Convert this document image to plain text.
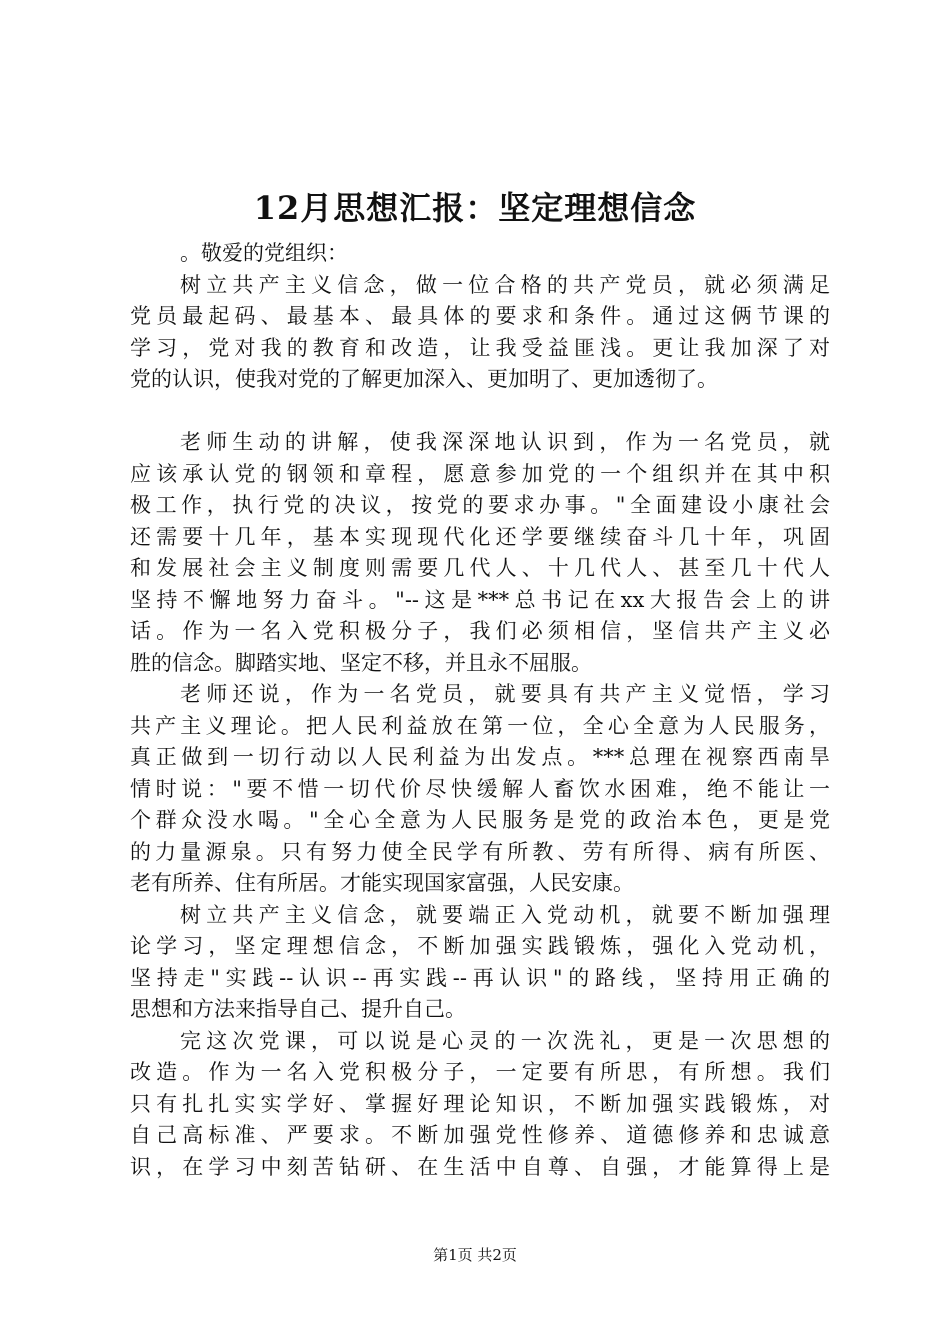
12月思想汇报：坚定理想信念
。敬爱的党组织：
树立共产主义信念，做一位合格的共产党员，就必须满足
党员最起码、最基本、最具体的要求和条件。通过这俩节课的
学习，党对我的教育和改造，让我受益匪浅。更让我加深了对
党的认识，使我对党的了解更加深入、更加明了、更加透彻了。
老师生动的讲解，使我深深地认识到，作为一名党员，就
应该承认党的钢领和章程，愿意参加党的一个组织并在其中积
极工作，执行党的决议，按党的要求办事。"全面建设小康社会
还需要十几年，基本实现现代化还学要继续奋斗几十年，巩固
和发展社会主义制度则需要几代人、十几代人、甚至几十代人
坚持不懈地努力奋斗。"--这是***总书记在xx大报告会上的讲
话。作为一名入党积极分子，我们必须相信，坚信共产主义必
胜的信念。脚踏实地、坚定不移，并且永不屈服。
老师还说，作为一名党员，就要具有共产主义觉悟，学习
共产主义理论。把人民利益放在第一位，全心全意为人民服务，
真正做到一切行动以人民利益为出发点。***总理在视察西南旱
情时说："要不惜一切代价尽快缓解人畜饮水困难，绝不能让一
个群众没水喝。"全心全意为人民服务是党的政治本色，更是党
的力量源泉。只有努力使全民学有所教、劳有所得、病有所医、
老有所养、住有所居。才能实现国家富强，人民安康。
树立共产主义信念，就要端正入党动机，就要不断加强理
论学习，坚定理想信念，不断加强实践锻炼，强化入党动机，
坚持走"实践--认识--再实践--再认识"的路线，坚持用正确的
思想和方法来指导自己、提升自己。
完这次党课，可以说是心灵的一次洗礼，更是一次思想的
改造。作为一名入党积极分子，一定要有所思，有所想。我们
只有扎扎实实学好、掌握好理论知识，不断加强实践锻炼，对
自己高标准、严要求。不断加强党性修养、道德修养和忠诚意
识，在学习中刻苦钻研、在生活中自尊、自强，才能算得上是
第1页 共2页
